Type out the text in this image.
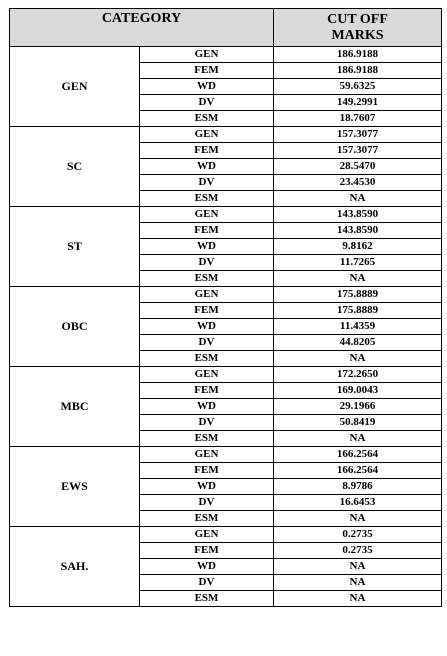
CATEGORY		CUT OFF
MARKS
GEN	GEN	186.9188
	FEM	186.9188
	WD	59.6325
	DV	149.2991
	ESM	18.7607
SC	GEN	157.3077
	FEM	157.3077
	WD	28.5470
	DV	23.4530
	ESM	NA
ST	GEN	143.8590
	FEM	143.8590
	WD	9.8162
	DV	11.7265
	ESM	NA
OBC	GEN	175.8889
	FEM	175.8889
	WD	11.4359
	DV	44.8205
	ESM	NA
MBC	GEN	172.2650
	FEM	169.0043
	WD	29.1966
	DV	50.8419
	ESM	NA
EWS	GEN	166.2564
	FEM	166.2564
	WD	8.9786
	DV	16.6453
	ESM	NA
SAH.	GEN	0.2735
	FEM	0.2735
	WD	NA
	DV	NA
	ESM	NA
